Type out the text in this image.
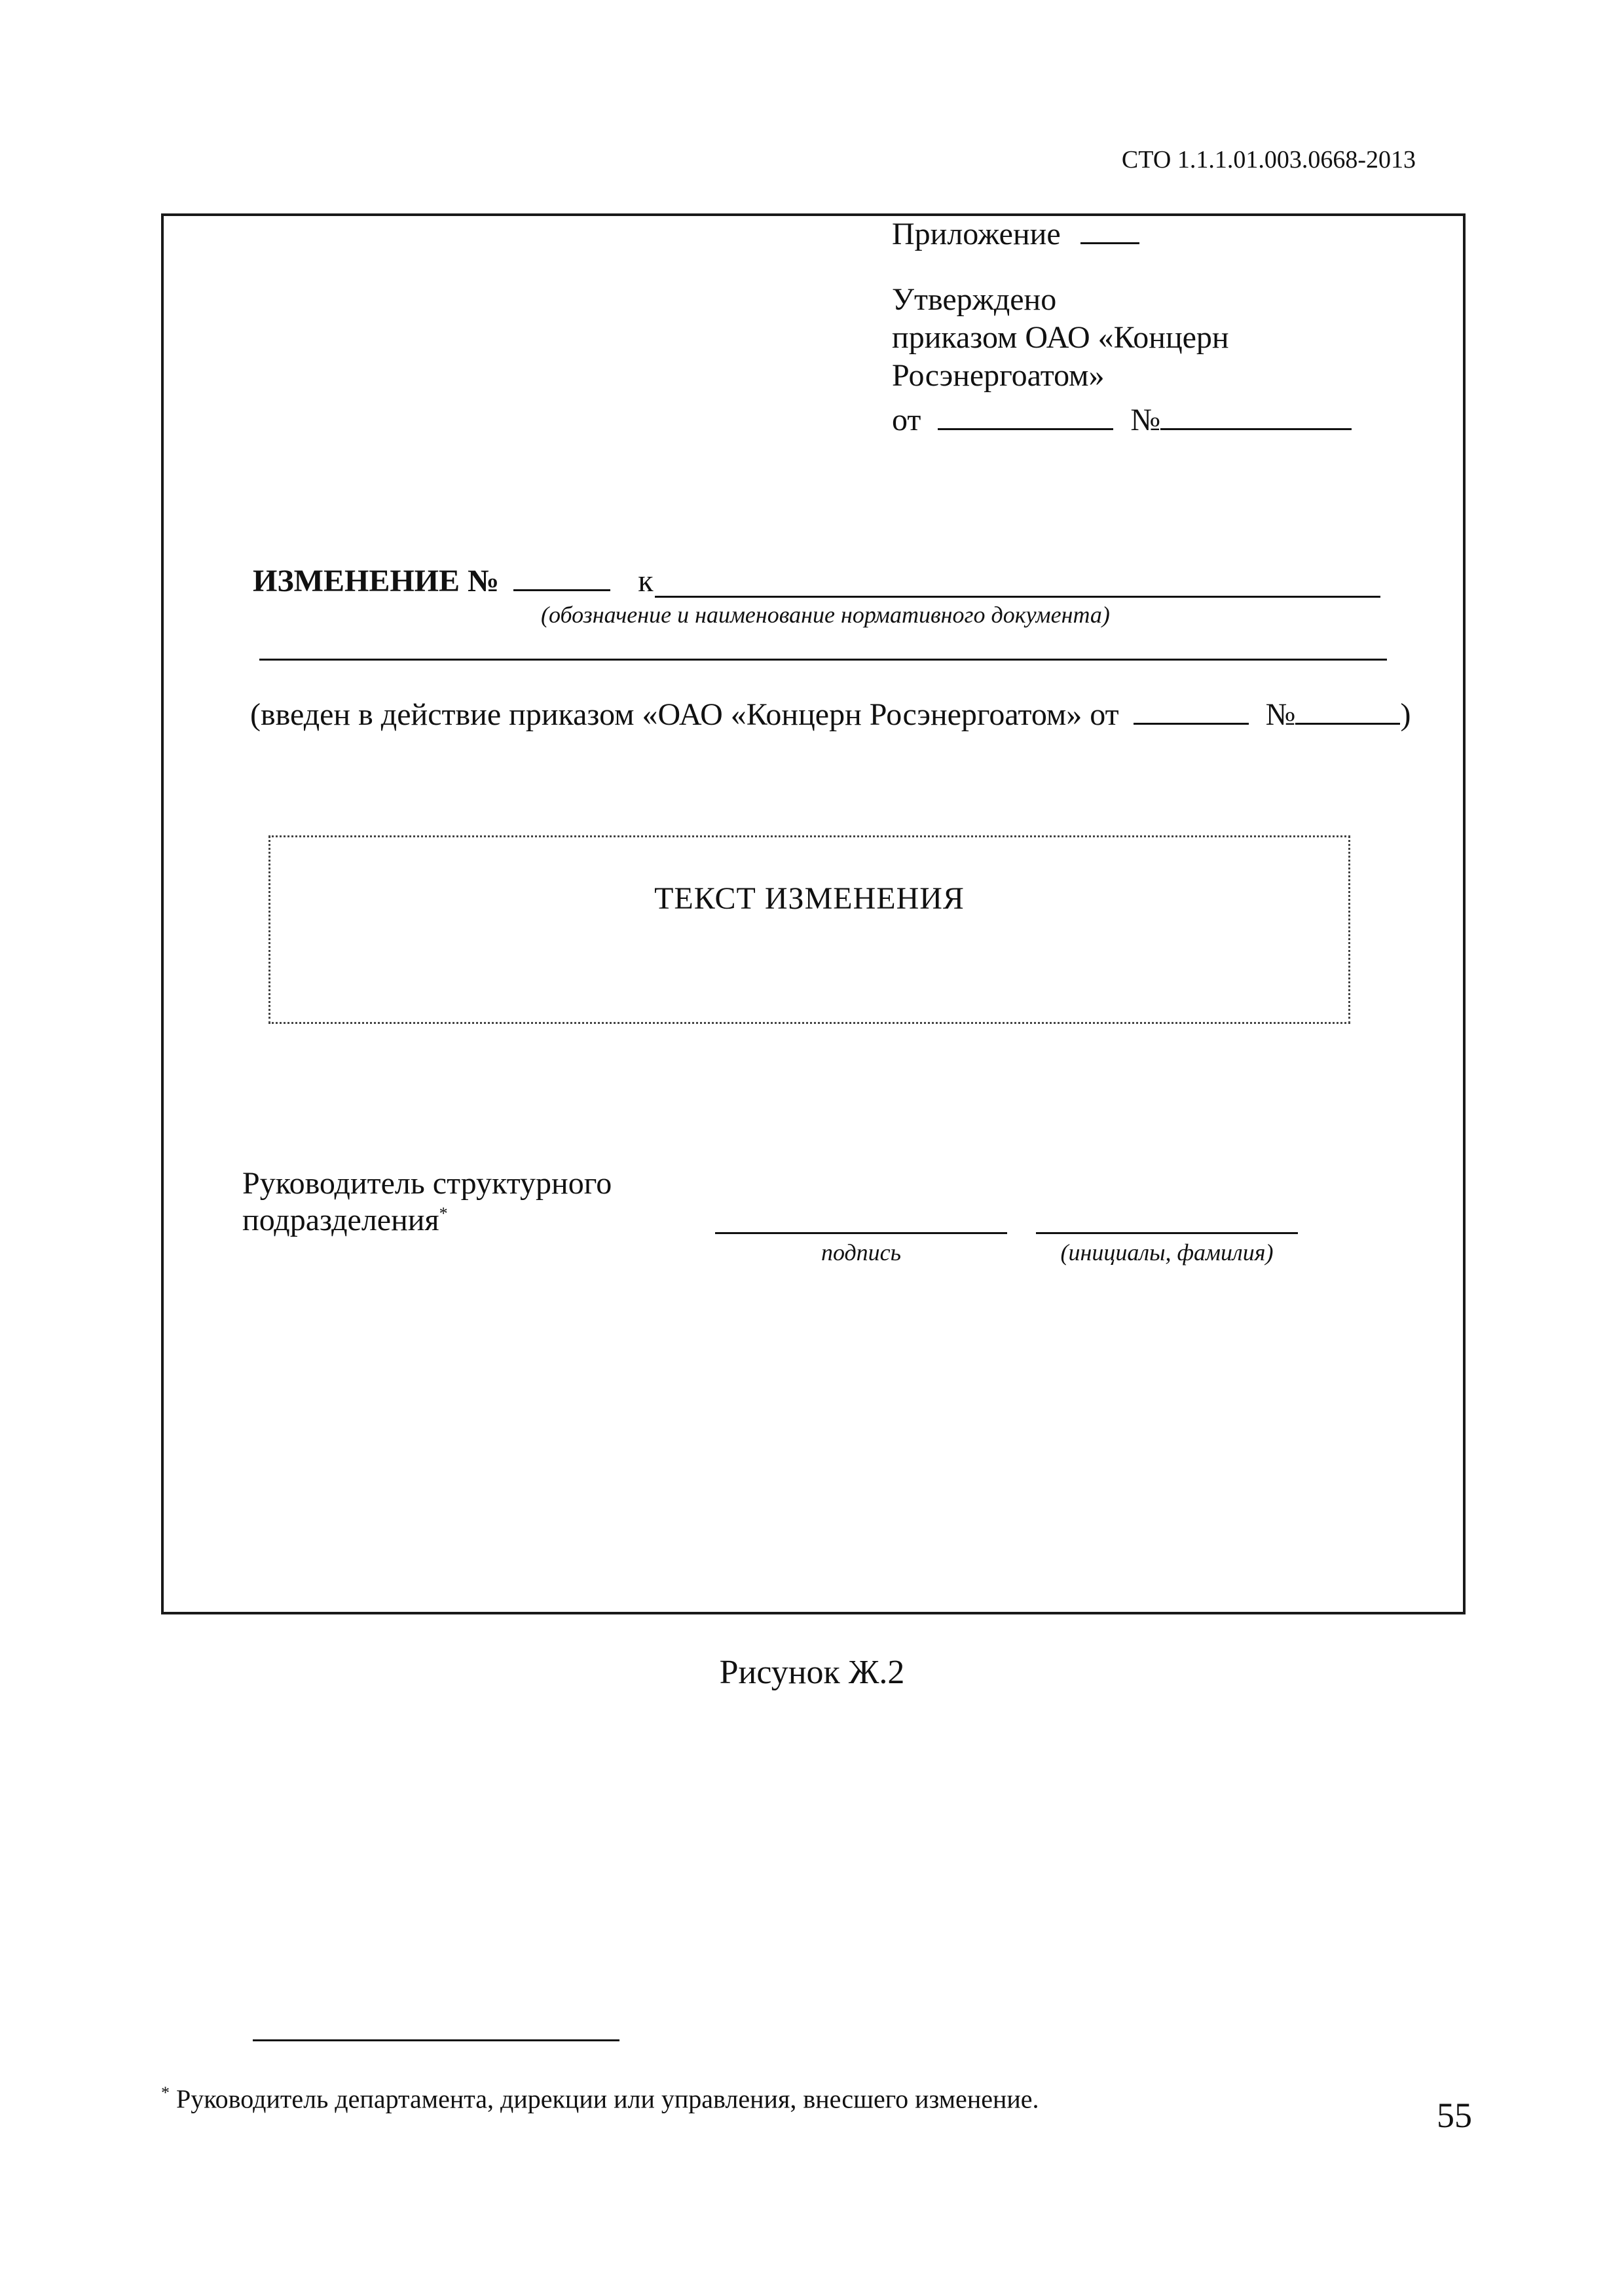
СТО 1.1.1.01.003.0668-2013
Приложение
Утверждено
приказом ОАО «Концерн
Росэнергоатом»
от	№
ИЗМЕНЕНИЕ №	к
(обозначение и наименование нормативного документа)
(введен в действие приказом «ОАО «Концерн Росэнергоатом» от	№	)
ТЕКСТ ИЗМЕНЕНИЯ
Руководитель структурного
подразделения*
подпись	(инициалы, фамилия)
Рисунок Ж.2
* Руководитель департамента, дирекции или управления, внесшего изменение.	55
